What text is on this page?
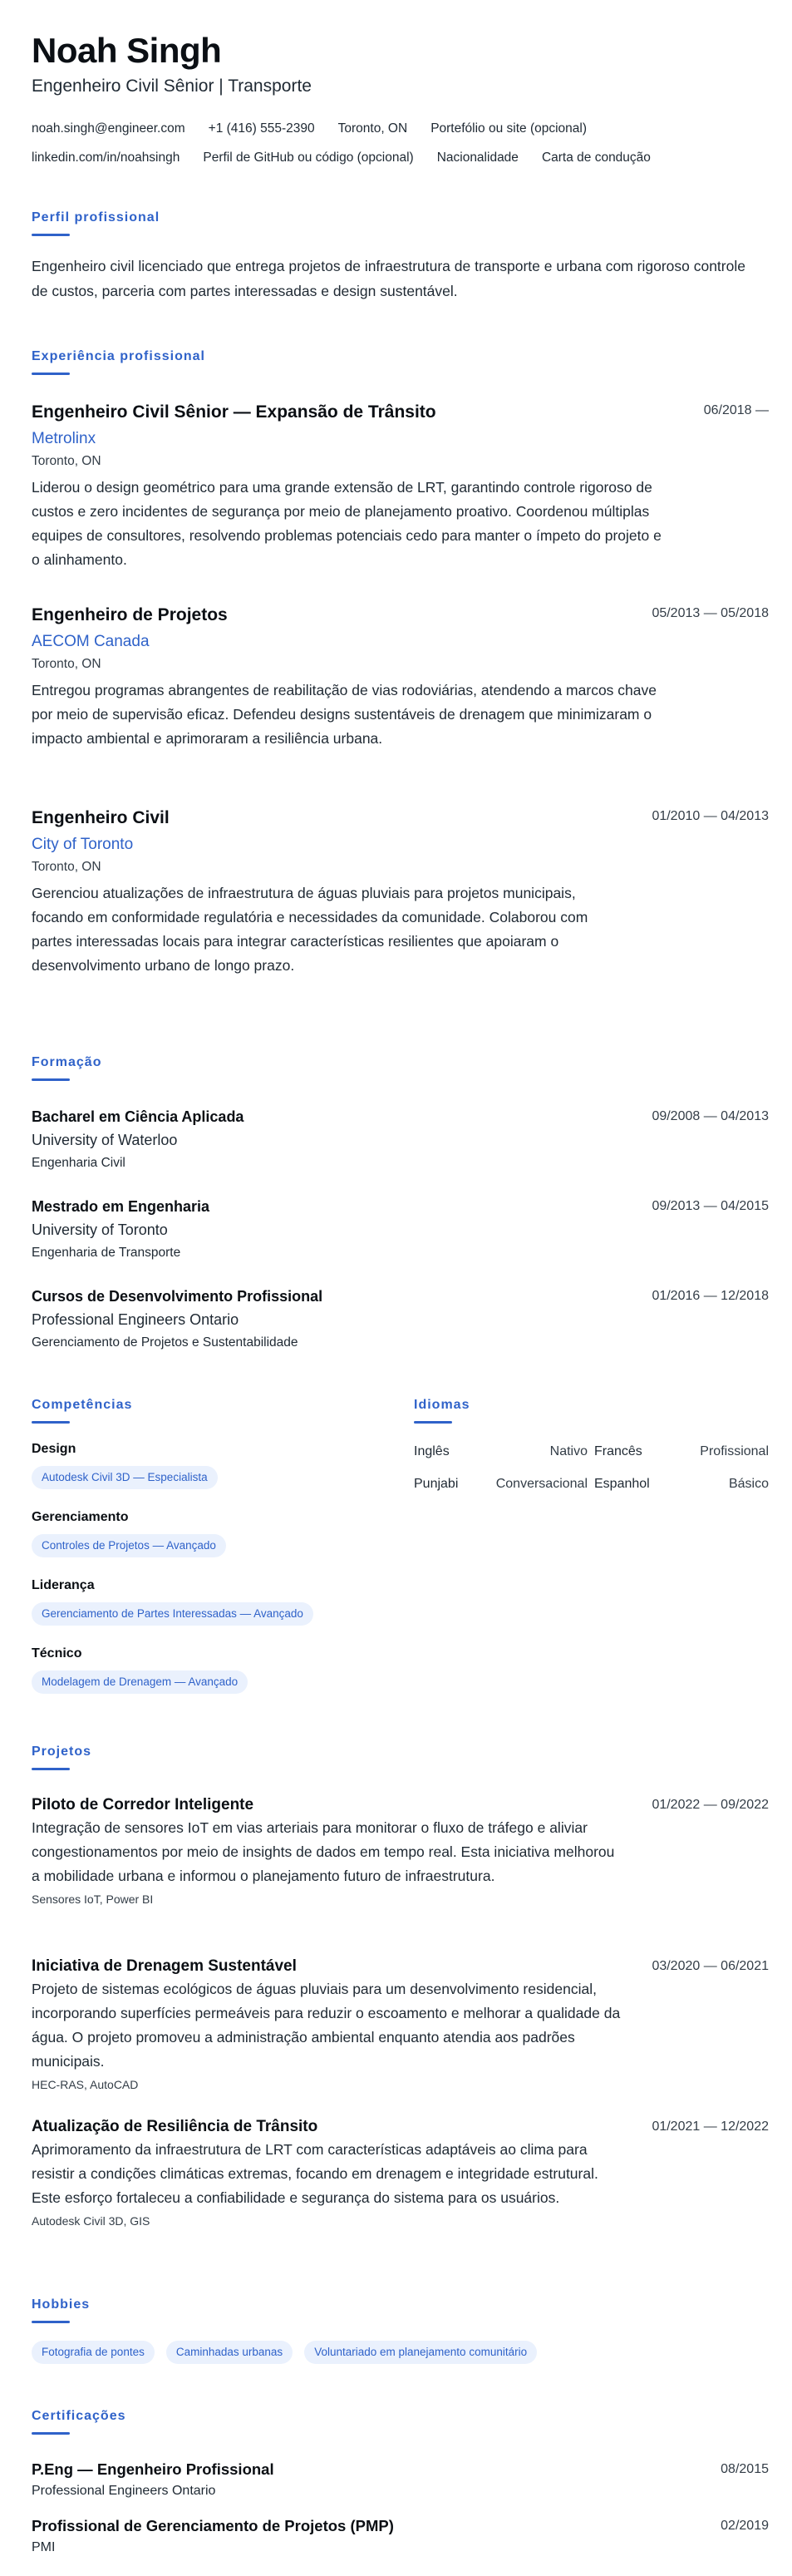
Noah Singh
Engenheiro Civil Sênior | Transporte
noah.singh@engineer.com +1 (416) 555-2390 Toronto, ON Portefólio ou site (opcional)
linkedin.com/in/noahsingh Perfil de GitHub ou código (opcional) Nacionalidade Carta de condução
Perfil profissional
Engenheiro civil licenciado que entrega projetos de infraestrutura de transporte e urbana com rigoroso controle de custos, parceria com partes interessadas e design sustentável.
Experiência profissional
Engenheiro Civil Sênior — Expansão de Trânsito	06/2018 —
Metrolinx
Toronto, ON
Liderou o design geométrico para uma grande extensão de LRT, garantindo controle rigoroso de custos e zero incidentes de segurança por meio de planejamento proativo. Coordenou múltiplas equipes de consultores, resolvendo problemas potenciais cedo para manter o ímpeto do projeto e o alinhamento.
Engenheiro de Projetos	05/2013 — 05/2018
AECOM Canada
Toronto, ON
Entregou programas abrangentes de reabilitação de vias rodoviárias, atendendo a marcos chave por meio de supervisão eficaz. Defendeu designs sustentáveis de drenagem que minimizaram o impacto ambiental e aprimoraram a resiliência urbana.
Engenheiro Civil	01/2010 — 04/2013
City of Toronto
Toronto, ON
Gerenciou atualizações de infraestrutura de águas pluviais para projetos municipais, focando em conformidade regulatória e necessidades da comunidade. Colaborou com partes interessadas locais para integrar características resilientes que apoiaram o desenvolvimento urbano de longo prazo.
Formação
Bacharel em Ciência Aplicada	09/2008 — 04/2013
University of Waterloo
Engenharia Civil
Mestrado em Engenharia	09/2013 — 04/2015
University of Toronto
Engenharia de Transporte
Cursos de Desenvolvimento Profissional	01/2016 — 12/2018
Professional Engineers Ontario
Gerenciamento de Projetos e Sustentabilidade
Competências
Design
Autodesk Civil 3D — Especialista
Gerenciamento
Controles de Projetos — Avançado
Liderança
Gerenciamento de Partes Interessadas — Avançado
Técnico
Modelagem de Drenagem — Avançado
Idiomas
Inglês	Nativo Francês	Profissional
Punjabi	Conversacional Espanhol	Básico
Projetos
Piloto de Corredor Inteligente	01/2022 — 09/2022
Integração de sensores IoT em vias arteriais para monitorar o fluxo de tráfego e aliviar congestionamentos por meio de insights de dados em tempo real. Esta iniciativa melhorou a mobilidade urbana e informou o planejamento futuro de infraestrutura.
Sensores IoT, Power BI
Iniciativa de Drenagem Sustentável	03/2020 — 06/2021
Projeto de sistemas ecológicos de águas pluviais para um desenvolvimento residencial, incorporando superfícies permeáveis para reduzir o escoamento e melhorar a qualidade da água. O projeto promoveu a administração ambiental enquanto atendia aos padrões municipais.
HEC-RAS, AutoCAD
Atualização de Resiliência de Trânsito	01/2021 — 12/2022
Aprimoramento da infraestrutura de LRT com características adaptáveis ao clima para resistir a condições climáticas extremas, focando em drenagem e integridade estrutural. Este esforço fortaleceu a confiabilidade e segurança do sistema para os usuários.
Autodesk Civil 3D, GIS
Hobbies
Fotografia de pontes	Caminhadas urbanas	Voluntariado em planejamento comunitário
Certificações
P.Eng — Engenheiro Profissional	08/2015
Professional Engineers Ontario
Profissional de Gerenciamento de Projetos (PMP)	02/2019
PMI
